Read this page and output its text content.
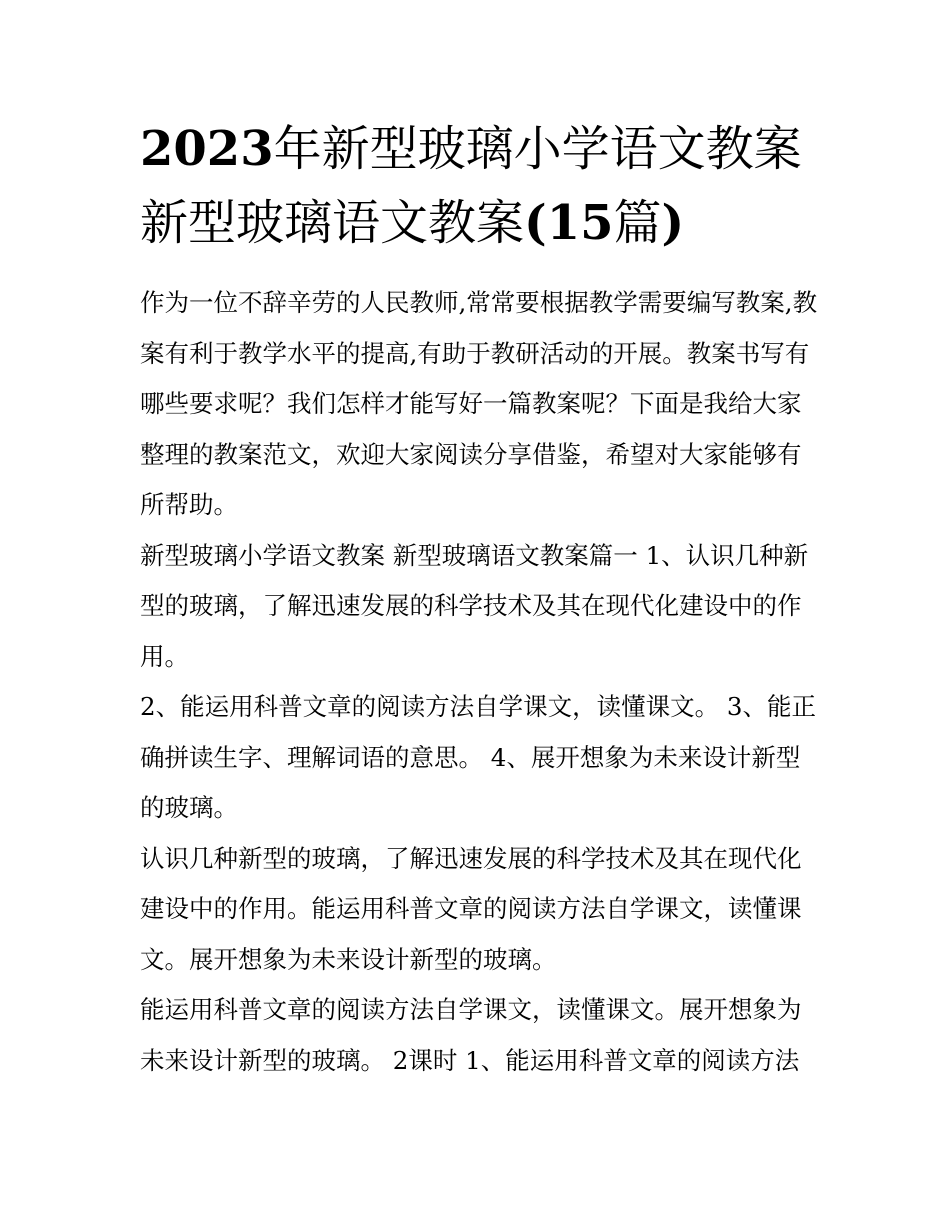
2023年新型玻璃小学语文教案
新型玻璃语文教案(15篇)

作为一位不辞辛劳的人民教师,常常要根据教学需要编写教案,教案有利于教学水平的提高,有助于教研活动的开展。教案书写有哪些要求呢？我们怎样才能写好一篇教案呢？下面是我给大家整理的教案范文，欢迎大家阅读分享借鉴，希望对大家能够有所帮助。

新型玻璃小学语文教案 新型玻璃语文教案篇一 1、认识几种新型的玻璃，了解迅速发展的科学技术及其在现代化建设中的作用。

2、能运用科普文章的阅读方法自学课文，读懂课文。 3、能正确拼读生字、理解词语的意思。 4、展开想象为未来设计新型的玻璃。

认识几种新型的玻璃，了解迅速发展的科学技术及其在现代化建设中的作用。能运用科普文章的阅读方法自学课文，读懂课文。展开想象为未来设计新型的玻璃。

能运用科普文章的阅读方法自学课文，读懂课文。展开想象为未来设计新型的玻璃。 2课时 1、能运用科普文章的阅读方法
